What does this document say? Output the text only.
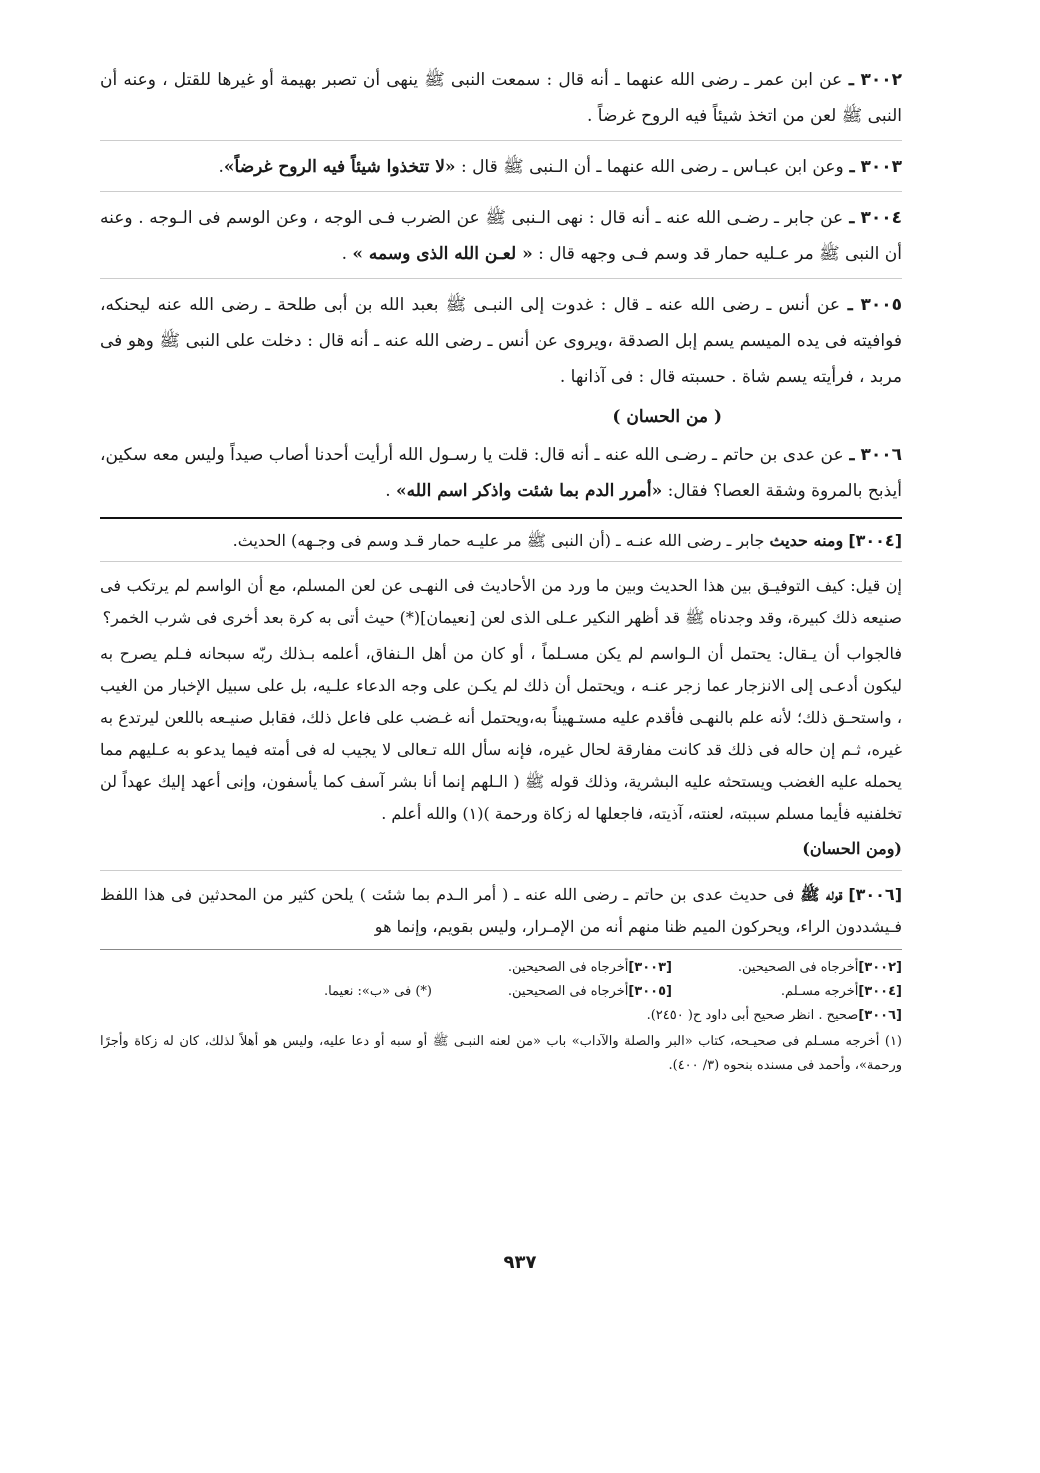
٣٠٠٢ ـ عن ابن عمر ـ رضى الله عنهما ـ أنه قال : سمعت النبى ﷺ ينهى أن تصبر بهيمة أو غيرها للقتل ، وعنه أن النبى ﷺ لعن من اتخذ شيئاً فيه الروح غرضاً .

٣٠٠٣ ـ وعن ابن عبـاس ـ رضى الله عنهما ـ أن الـنبى ﷺ قال : «لا تتخذوا شيئاً فيه الروح غرضاً».

٣٠٠٤ ـ عن جابر ـ رضـى الله عنه ـ أنه قال : نهى الـنبى ﷺ عن الضرب فـى الوجه ، وعن الوسم فى الـوجه . وعنه أن النبى ﷺ مر عـليه حمار قد وسم فـى وجهه قال : « لعـن الله الذى وسمه » .

٣٠٠٥ ـ عن أنس ـ رضى الله عنه ـ قال : غدوت إلى النبـى ﷺ بعبد الله بن أبى طلحة ـ رضى الله عنه ليحنكه، فوافيته فى يده الميسم يسم إبل الصدقة ،ويروى عن أنس ـ رضى الله عنه ـ أنه قال : دخلت على النبى ﷺ وهو فى مربد ، فرأيته يسم شاة . حسبته قال : فى آذانها .

( من الحسان )

٣٠٠٦ ـ عن عدى بن حاتم ـ رضـى الله عنه ـ أنه قال: قلت يا رسـول الله أرأيت أحدنا أصاب صيداً وليس معه سكين، أيذبح بالمروة وشقة العصا؟ فقال: «أمرر الدم بما شئت واذكر اسم الله» .

[٣٠٠٤] ومنه حديث جابر ـ رضى الله عنـه ـ (أن النبى ﷺ مر عليـه حمار قـد وسم فى وجـهه) الحديث.

إن قيل: كيف التوفيـق بين هذا الحديث وبين ما ورد من الأحاديث فى النهـى عن لعن المسلم، مع أن الواسم لم يرتكب فى صنيعه ذلك كبيرة، وقد وجدناه ﷺ قد أظهر النكير عـلى الذى لعن [نعيمان](*) حيث أتى به كرة بعد أخرى فى شرب الخمر؟

فالجواب أن يـقال: يحتمل أن الـواسم لم يكن مسـلماً ، أو كان من أهل الـنفاق، أعلمه بـذلك ربّه سبحانه فـلم يصرح به ليكون أدعـى إلى الانزجار عما زجر عنـه ، ويحتمل أن ذلك لم يكـن على وجه الدعاء علـيه، بل على سبيل الإخبار من الغيب ، واستحـق ذلك؛ لأنه علم بالنهـى فأقدم عليه مستـهيناً به،ويحتمل أنه غـضب على فاعل ذلك، فقابل صنيـعه باللعن ليرتدع به غيره، ثـم إن حاله فى ذلك قد كانت مفارقة لحال غيره، فإنه سأل الله تـعالى لا يجيب له فى أمته فيما يدعو به عـليهم مما يحمله عليه الغضب ويستحثه عليه البشرية، وذلك قوله ﷺ ( الـلهم إنما أنا بشر آسف كما يأسفون، وإنى أعهد إليك عهداً لن تخلفنيه فأيما مسلم سببته، لعنته، آذيته، فاجعلها له زكاة ورحمة )(١) والله أعلم .

(ومن الحسان)

[٣٠٠٦] قوله ﷺ فى حديث عدى بن حاتم ـ رضى الله عنه ـ ( أمر الـدم بما شئت ) يلحن كثير من المحدثين فى هذا اللفظ فـيشددون الراء، ويحركون الميم ظنا منهم أنه من الإمـرار، وليس بقويم، وإنما هو

[٣٠٠٢]أخرجاه فى الصحيحين.
[٣٠٠٣]أخرجاه فى الصحيحين.
[٣٠٠٤]أخرجه مسـلم.
[٣٠٠٥]أخرجاه فى الصحيحين.
(*) فى «ب»: نعيما.
[٣٠٠٦]صحيح . انظر صحيح أبى داود ح( ٢٤٥٠).
(١) أخرجه مسـلم فى صحيـحه، كتاب «البر والصلة والآداب» باب «من لعنه النبـى ﷺ أو سبه أو دعا عليه، وليس هو أهلاً لذلك، كان له زكاة وأجرًا ورحمة»، وأحمد فى مسنده بنحوه (٣/ ٤٠٠).
٩٣٧
